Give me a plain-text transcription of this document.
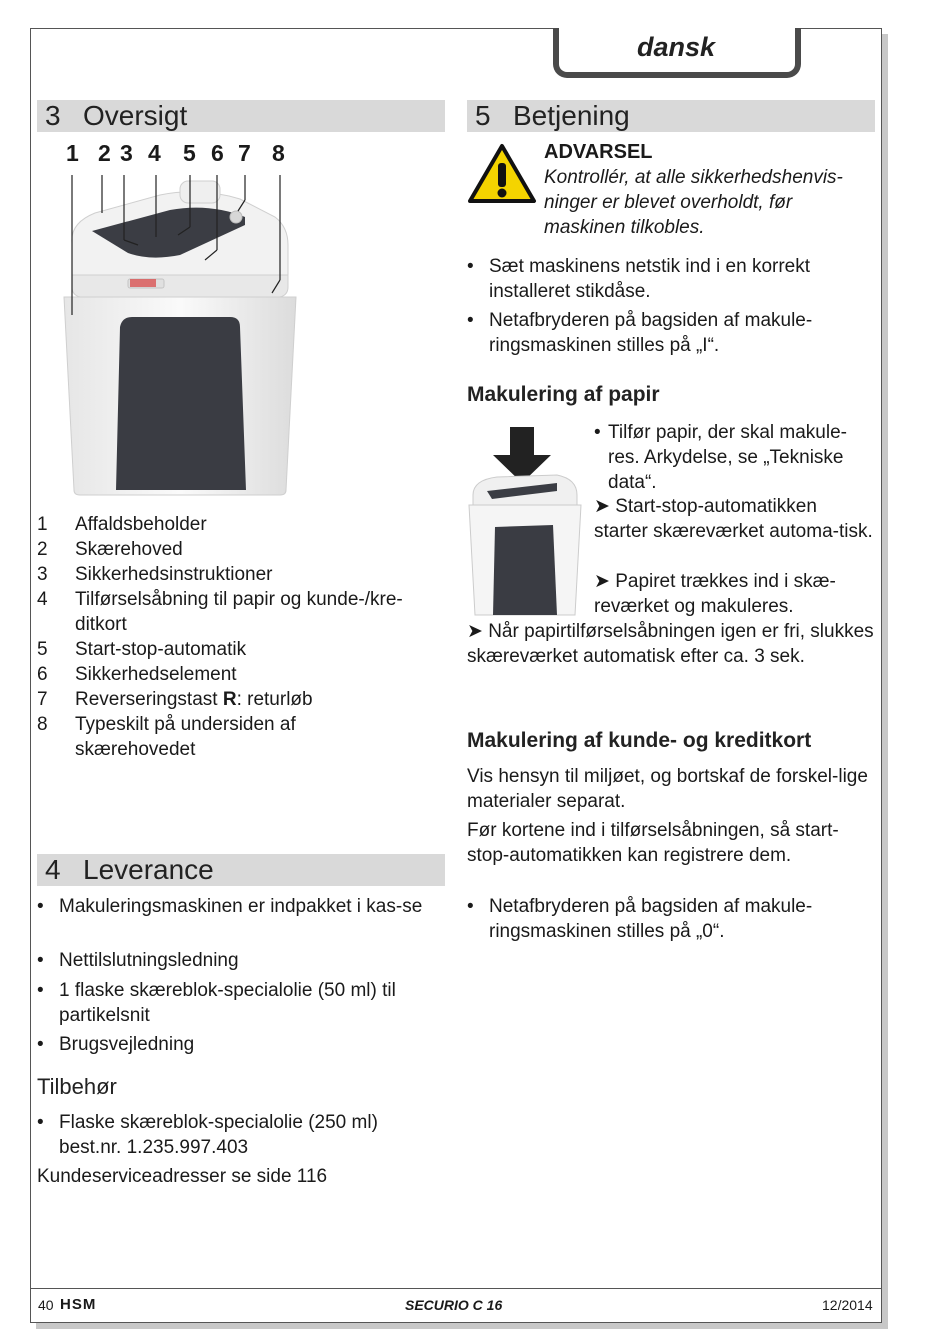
dansk
3 Oversigt
1 2 3 4 5 6 7 8
1 Affaldsbeholder
2 Skærehoved
3 Sikkerhedsinstruktioner
4 Tilførselsåbning til papir og kunde-/kre-ditkort
5 Start-stop-automatik
6 Sikkerhedselement
7 Reverseringstast R: returløb
8 Typeskilt på undersiden af skærehovedet
4 Leverance
• Makuleringsmaskinen er indpakket i kas-se
• Nettilslutningsledning
• 1 flaske skæreblok-specialolie (50 ml) til partikelsnit
• Brugsvejledning
Tilbehør
• Flaske skæreblok-specialolie (250 ml) best.nr. 1.235.997.403

Kundeserviceadresser se side 116

5 Betjening
ADVARSEL

Kontrollér, at alle sikkerhedshenvis-ninger er blevet overholdt, før maskinen tilkobles.

• Sæt maskinens netstik ind i en korrekt installeret stikdåse.
• Netafbryderen på bagsiden af makule-ringsmaskinen stilles på „I“.
Makulering af papir
• Tilfør papir, der skal makule-res. Arkydelse, se „Tekniske data“.
➤ Start-stop-automatikken starter skæreværket automa-tisk.
➤ Papiret trækkes ind i skæ-reværket og makuleres.
➤ Når papirtilførselsåbningen igen er fri, slukkes skæreværket automatisk efter ca. 3 sek.
Makulering af kunde- og kreditkort

Vis hensyn til miljøet, og bortskaf de forskel-lige materialer separat.

Før kortene ind i tilførselsåbningen, så start-stop-automatikken kan registrere dem.

• Netafbryderen på bagsiden af makule-ringsmaskinen stilles på „0“.
40 HSM	SECURIO C 16	12/2014
